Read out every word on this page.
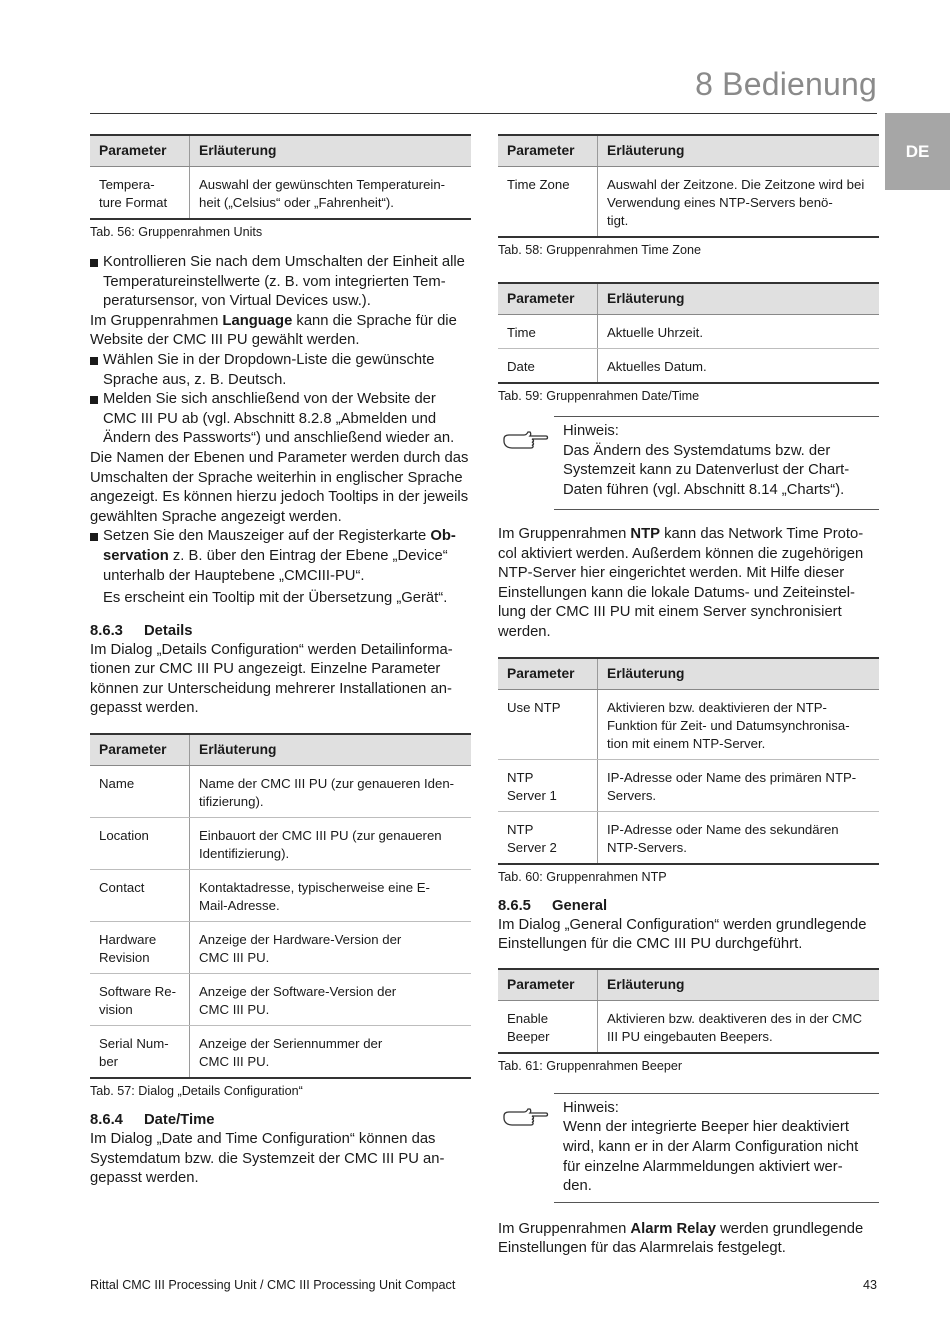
8 Bedienung
DE
Parameter	Erläuterung
Tempera-
ture Format	Auswahl der gewünschten Temperaturein-
heit („Celsius“ oder „Fahrenheit“).
Tab. 56: Gruppenrahmen Units
Kontrollieren Sie nach dem Umschalten der Einheit alle Temperatureinstellwerte (z. B. vom integrierten Tem- peratursensor, von Virtual Devices usw.).
Im Gruppenrahmen Language kann die Sprache für die Website der CMC III PU gewählt werden.
Wählen Sie in der Dropdown-Liste die gewünschte Sprache aus, z. B. Deutsch.
Melden Sie sich anschließend von der Website der CMC III PU ab (vgl. Abschnitt 8.2.8 „Abmelden und Ändern des Passworts“) und anschließend wieder an.
Die Namen der Ebenen und Parameter werden durch das Umschalten der Sprache weiterhin in englischer Sprache angezeigt. Es können hierzu jedoch Tooltips in der jeweils gewählten Sprache angezeigt werden.
Setzen Sie den Mauszeiger auf der Registerkarte Ob-
servation z. B. über den Eintrag der Ebene „Device“ unterhalb der Hauptebene „CMCIII-PU“.
Es erscheint ein Tooltip mit der Übersetzung „Gerät“.
8.6.3 Details
Im Dialog „Details Configuration“ werden Detailinforma-
tionen zur CMC III PU angezeigt. Einzelne Parameter können zur Unterscheidung mehrerer Installationen an-
gepasst werden.
Parameter	Erläuterung
Name	Name der CMC III PU (zur genaueren Iden-
tifizierung).
Location	Einbauort der CMC III PU (zur genaueren Identifizierung).
Contact	Kontaktadresse, typischerweise eine E-
Mail-Adresse.
Hardware
Revision	Anzeige der Hardware-Version der
CMC III PU.
Software Re-
vision	Anzeige der Software-Version der
CMC III PU.
Serial Num-
ber	Anzeige der Seriennummer der
CMC III PU.
Tab. 57: Dialog „Details Configuration“
8.6.4 Date/Time
Im Dialog „Date and Time Configuration“ können das Systemdatum bzw. die Systemzeit der CMC III PU an-
gepasst werden.
Parameter	Erläuterung
Time Zone	Auswahl der Zeitzone. Die Zeitzone wird bei Verwendung eines NTP-Servers benö-
tigt.
Tab. 58: Gruppenrahmen Time Zone
Parameter	Erläuterung
Time	Aktuelle Uhrzeit.
Date	Aktuelles Datum.
Tab. 59: Gruppenrahmen Date/Time
Hinweis:
Das Ändern des Systemdatums bzw. der Systemzeit kann zu Datenverlust der Chart-
Daten führen (vgl. Abschnitt 8.14 „Charts“).
Im Gruppenrahmen NTP kann das Network Time Proto-
col aktiviert werden. Außerdem können die zugehörigen NTP-Server hier eingerichtet werden. Mit Hilfe dieser Einstellungen kann die lokale Datums- und Zeiteinstel-
lung der CMC III PU mit einem Server synchronisiert werden.
Parameter	Erläuterung
Use NTP	Aktivieren bzw. deaktivieren der NTP-
Funktion für Zeit- und Datumsynchronisa-
tion mit einem NTP-Server.
NTP
Server 1	IP-Adresse oder Name des primären NTP-
Servers.
NTP
Server 2	IP-Adresse oder Name des sekundären NTP-Servers.
Tab. 60: Gruppenrahmen NTP
8.6.5 General
Im Dialog „General Configuration“ werden grundlegende Einstellungen für die CMC III PU durchgeführt.
Parameter	Erläuterung
Enable
Beeper	Aktivieren bzw. deaktiveren des in der CMC III PU eingebauten Beepers.
Tab. 61: Gruppenrahmen Beeper
Hinweis:
Wenn der integrierte Beeper hier deaktiviert wird, kann er in der Alarm Configuration nicht für einzelne Alarmmeldungen aktiviert wer-
den.
Im Gruppenrahmen Alarm Relay werden grundlegende Einstellungen für das Alarmrelais festgelegt.
Rittal CMC III Processing Unit / CMC III Processing Unit Compact	43
